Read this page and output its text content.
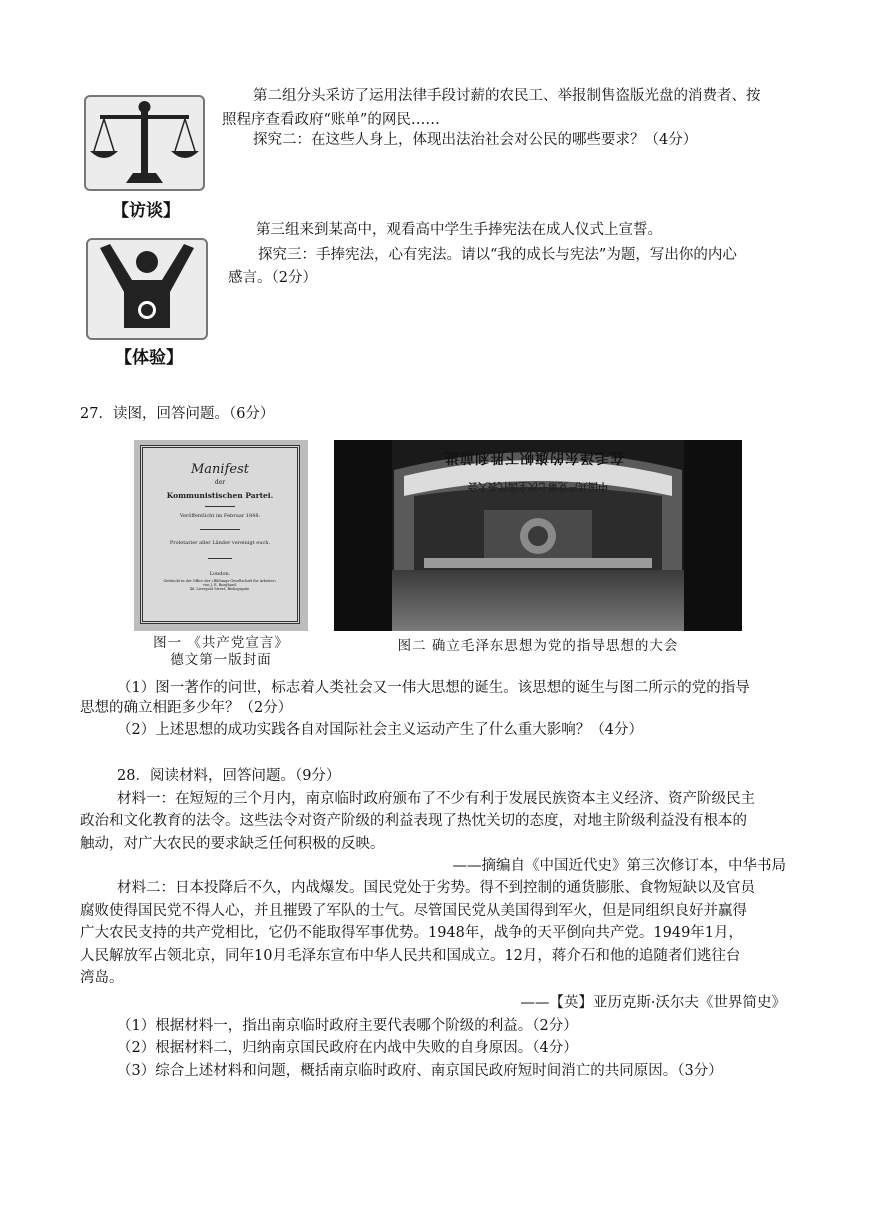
【访谈】
第二组分头采访了运用法律手段讨薪的农民工、举报制售盗版光盘的消费者、按
照程序查看政府“账单”的网民……
探究二：在这些人身上，体现出法治社会对公民的哪些要求？（4分）
【体验】
第三组来到某高中，观看高中学生手捧宪法在成人仪式上宣誓。
探究三：手捧宪法，心有宪法。请以“我的成长与宪法”为题，写出你的内心
感言。（2分）
27．读图，回答问题。（6分）
Manifest
der
Kommunistischen Partei.
Veröffentlicht im Februar 1848.
Proletarier aller Länder vereinigt euch.
London.
Gedruckt in der Office der »Bildungs-Gesellschaft für Arbeiter«
von J. E. Burghard.
46, Liverpool Street, Bishopsgate.
图一 《共产党宣言》
德文第一版封面
在毛泽东的旗帜下胜利前进
中国共产党第七次全国代表大会
图二 确立毛泽东思想为党的指导思想的大会
（1）图一著作的问世，标志着人类社会又一伟大思想的诞生。该思想的诞生与图二所示的党的指导
思想的确立相距多少年？（2分）
（2）上述思想的成功实践各自对国际社会主义运动产生了什么重大影响？（4分）
28．阅读材料，回答问题。（9分）
材料一：在短短的三个月内，南京临时政府颁布了不少有利于发展民族资本主义经济、资产阶级民主
政治和文化教育的法令。这些法令对资产阶级的利益表现了热忱关切的态度，对地主阶级利益没有根本的
触动，对广大农民的要求缺乏任何积极的反映。
——摘编自《中国近代史》第三次修订本，中华书局
材料二：日本投降后不久，内战爆发。国民党处于劣势。得不到控制的通货膨胀、食物短缺以及官员
腐败使得国民党不得人心，并且摧毁了军队的士气。尽管国民党从美国得到军火，但是同组织良好并赢得
广大农民支持的共产党相比，它仍不能取得军事优势。1948年，战争的天平倒向共产党。1949年1月，
人民解放军占领北京，同年10月毛泽东宣布中华人民共和国成立。12月，蒋介石和他的追随者们逃往台
湾岛。
——【英】亚历克斯·沃尔夫《世界简史》
（1）根据材料一，指出南京临时政府主要代表哪个阶级的利益。（2分）
（2）根据材料二，归纳南京国民政府在内战中失败的自身原因。（4分）
（3）综合上述材料和问题，概括南京临时政府、南京国民政府短时间消亡的共同原因。（3分）
